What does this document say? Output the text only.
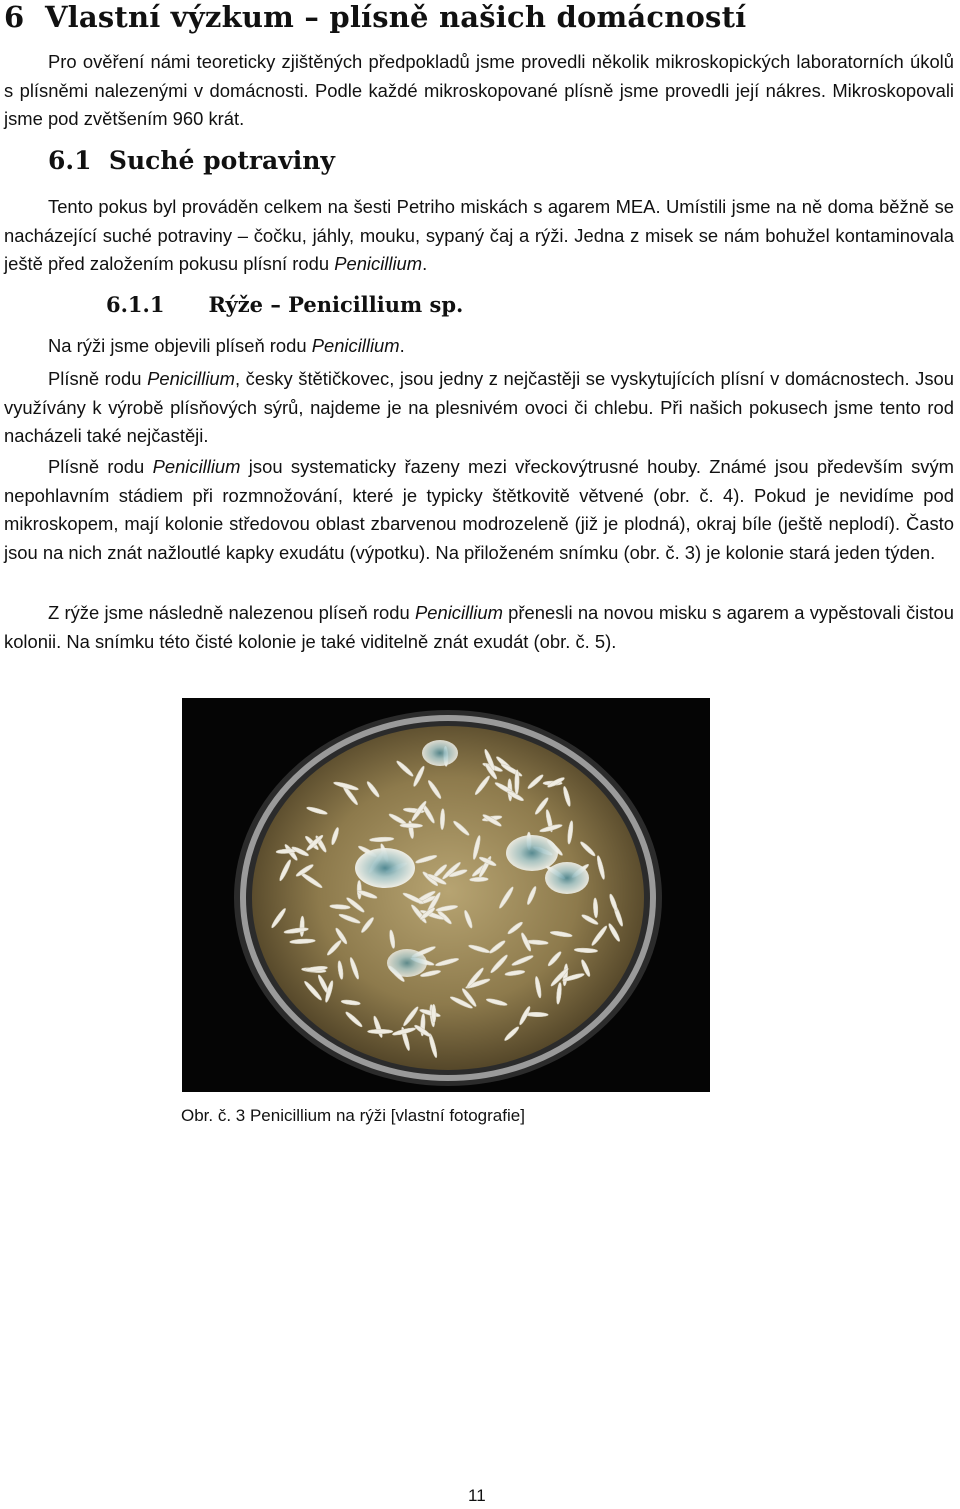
6 Vlastní výzkum – plísně našich domácností

Pro ověření námi teoreticky zjištěných předpokladů jsme provedli několik mikroskopických laboratorních úkolů s plísněmi nalezenými v domácnosti. Podle každé mikroskopované plísně jsme provedli její nákres. Mikroskopovali jsme pod zvětšením 960 krát.

6.1 Suché potraviny

Tento pokus byl prováděn celkem na šesti Petriho miskách s agarem MEA. Umístili jsme na ně doma běžně se nacházející suché potraviny – čočku, jáhly, mouku, sypaný čaj a rýži. Jedna z misek se nám bohužel kontaminovala ještě před založením pokusu plísní rodu Penicillium.

6.1.1 Rýže – Penicillium sp.

Na rýži jsme objevili plíseň rodu Penicillium.

Plísně rodu Penicillium, česky štětičkovec, jsou jedny z nejčastěji se vyskytujících plísní v domácnostech. Jsou využívány k výrobě plísňových sýrů, najdeme je na plesnivém ovoci či chlebu. Při našich pokusech jsme tento rod nacházeli také nejčastěji.

Plísně rodu Penicillium jsou systematicky řazeny mezi vřeckovýtrusné houby. Známé jsou především svým nepohlavním stádiem při rozmnožování, které je typicky štětkovitě větvené (obr. č. 4). Pokud je nevidíme pod mikroskopem, mají kolonie středovou oblast zbarvenou modrozeleně (již je plodná), okraj bíle (ještě neplodí). Často jsou na nich znát nažloutlé kapky exudátu (výpotku). Na přiloženém snímku (obr. č. 3) je kolonie stará jeden týden.

Z rýže jsme následně nalezenou plíseň rodu Penicillium přenesli na novou misku s agarem a vypěstovali čistou kolonii. Na snímku této čisté kolonie je také viditelně znát exudát (obr. č. 5).

Obr. č. 3 Penicillium na rýži [vlastní fotografie]

11
